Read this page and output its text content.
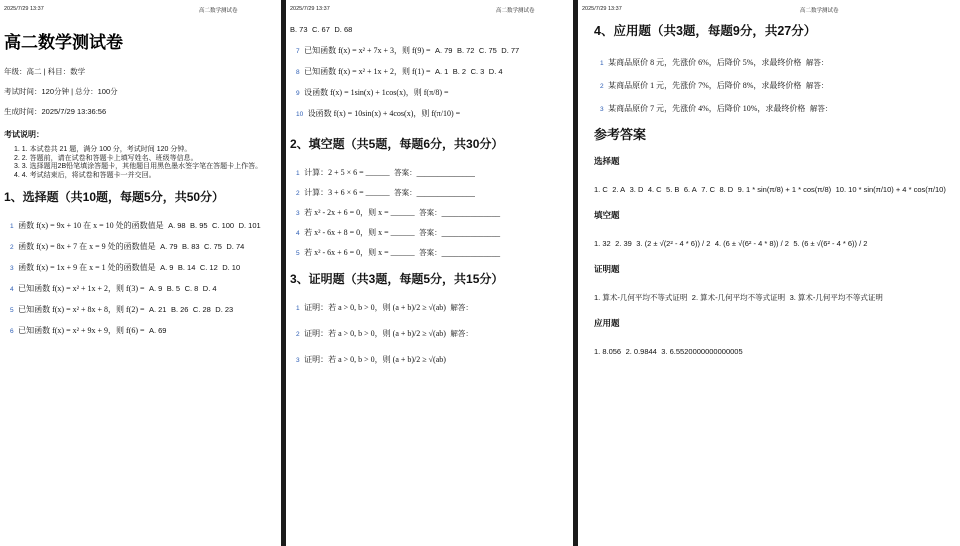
2025/7/29 13:37	高二数学测试卷
高二数学测试卷
年级：高二 | 科目：数学
考试时间：120分钟 | 总分：100分
生成时间：2025/7/29 13:36:56
考试说明：
1. 1. 本试卷共 21 题，满分 100 分，考试时间 120 分钟。
2. 2. 答题前，请在试卷和答题卡上填写姓名、班级等信息。
3. 3. 选择题用2B铅笔填涂答题卡，其他题目用黑色墨水签字笔在答题卡上作答。
4. 4. 考试结束后，将试卷和答题卡一并交回。
1、选择题（共10题，每题5分，共50分）
1 函数 f(x) = 9x + 10 在 x = 10 处的函数值是 A. 98 B. 95 C. 100 D. 101
2 函数 f(x) = 8x + 7 在 x = 9 处的函数值是 A. 79 B. 83 C. 75 D. 74
3 函数 f(x) = 1x + 9 在 x = 1 处的函数值是 A. 9 B. 14 C. 12 D. 10
4 已知函数 f(x) = x² + 1x + 2，则 f(3) = A. 9 B. 5 C. 8 D. 4
5 已知函数 f(x) = x² + 8x + 8，则 f(2) = A. 21 B. 26 C. 28 D. 23
6 已知函数 f(x) = x² + 9x + 9，则 f(6) = A. 69
2025/7/29 13:37	高二数学测试卷
B. 73 C. 67 D. 68
7 已知函数 f(x) = x² + 7x + 3，则 f(9) = A. 79 B. 72 C. 75 D. 77
8 已知函数 f(x) = x² + 1x + 2，则 f(1) = A. 1 B. 2 C. 3 D. 4
9 设函数 f(x) = 1sin(x) + 1cos(x)，则 f(π/8) =
10 设函数 f(x) = 10sin(x) + 4cos(x)，则 f(π/10) =
2、填空题（共5题，每题6分，共30分）
1 计算：2 + 5 × 6 = ______ 答案：______________
2 计算：3 + 6 × 6 = ______ 答案：______________
3 若 x² - 2x + 6 = 0，则 x = ______ 答案：______________
4 若 x² - 6x + 8 = 0，则 x = ______ 答案：______________
5 若 x² - 6x + 6 = 0，则 x = ______ 答案：______________
3、证明题（共3题，每题5分，共15分）
1 证明：若 a > 0, b > 0，则 (a + b)/2 ≥ √(ab) 解答：
2 证明：若 a > 0, b > 0，则 (a + b)/2 ≥ √(ab) 解答：
3 证明：若 a > 0, b > 0，则 (a + b)/2 ≥ √(ab)
2025/7/29 13:37	高二数学测试卷
4、应用题（共3题，每题9分，共27分）
1 某商品原价 8 元，先涨价 6%，后降价 5%，求最终价格 解答：
2 某商品原价 1 元，先涨价 7%，后降价 8%，求最终价格 解答：
3 某商品原价 7 元，先涨价 4%，后降价 10%，求最终价格 解答：
参考答案
选择题
1. C 2. A 3. D 4. C 5. B 6. A 7. C 8. D 9. 1 * sin(π/8) + 1 * cos(π/8) 10. 10 * sin(π/10) + 4 * cos(π/10)
填空题
1. 32 2. 39 3. (2 ± √(2² - 4 * 6)) / 2 4. (6 ± √(6² - 4 * 8)) / 2 5. (6 ± √(6² - 4 * 6)) / 2
证明题
1. 算术-几何平均不等式证明 2. 算术-几何平均不等式证明 3. 算术-几何平均不等式证明
应用题
1. 8.056 2. 0.9844 3. 6.5520000000000005
